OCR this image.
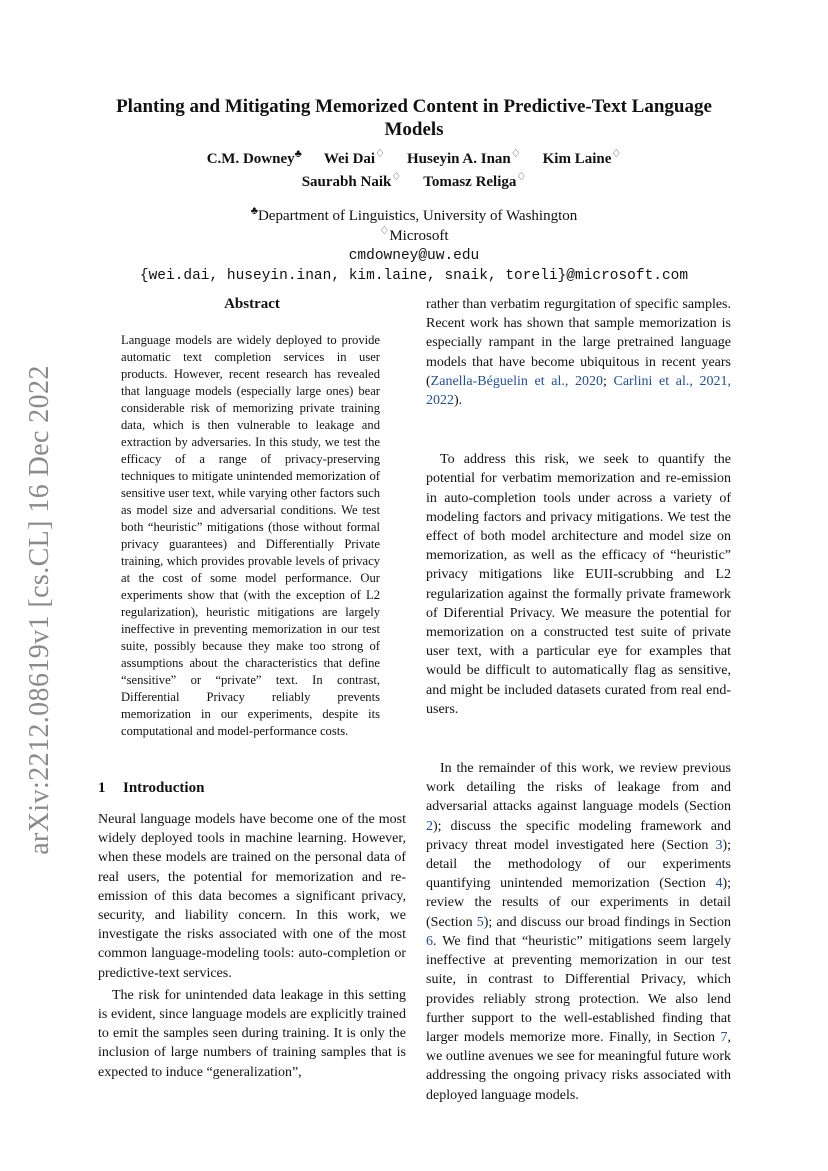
arXiv:2212.08619v1 [cs.CL] 16 Dec 2022
Planting and Mitigating Memorized Content in Predictive-Text Language Models
C.M. Downey♣ Wei Dai♢ Huseyin A. Inan♢ Kim Laine♢
Saurabh Naik♢ Tomasz Religa♢
♣Department of Linguistics, University of Washington
♢Microsoft
cmdowney@uw.edu
{wei.dai, huseyin.inan, kim.laine, snaik, toreli}@microsoft.com
Abstract
Language models are widely deployed to provide automatic text completion services in user products. However, recent research has revealed that language models (especially large ones) bear considerable risk of memorizing private training data, which is then vulnerable to leakage and extraction by adversaries. In this study, we test the efficacy of a range of privacy-preserving techniques to mitigate unintended memorization of sensitive user text, while varying other factors such as model size and adversarial conditions. We test both “heuristic” mitigations (those without formal privacy guarantees) and Differentially Private training, which provides provable levels of privacy at the cost of some model performance. Our experiments show that (with the exception of L2 regularization), heuristic mitigations are largely ineffective in preventing memorization in our test suite, possibly because they make too strong of assumptions about the characteristics that define “sensitive” or “private” text. In contrast, Differential Privacy reliably prevents memorization in our experiments, despite its computational and model-performance costs.
1 Introduction

Neural language models have become one of the most widely deployed tools in machine learning. However, when these models are trained on the personal data of real users, the potential for memorization and re-emission of this data becomes a significant privacy, security, and liability concern. In this work, we investigate the risks associated with one of the most common language-modeling tools: auto-completion or predictive-text services.

The risk for unintended data leakage in this setting is evident, since language models are explicitly trained to emit the samples seen during training. It is only the inclusion of large numbers of training samples that is expected to induce “generalization”,

rather than verbatim regurgitation of specific samples. Recent work has shown that sample memorization is especially rampant in the large pretrained language models that have become ubiquitous in recent years (Zanella-Béguelin et al., 2020; Carlini et al., 2021, 2022).

To address this risk, we seek to quantify the potential for verbatim memorization and re-emission in auto-completion tools under across a variety of modeling factors and privacy mitigations. We test the effect of both model architecture and model size on memorization, as well as the efficacy of “heuristic” privacy mitigations like EUII-scrubbing and L2 regularization against the formally private framework of Diferential Privacy. We measure the potential for memorization on a constructed test suite of private user text, with a particular eye for examples that would be difficult to automatically flag as sensitive, and might be included datasets curated from real end-users.

In the remainder of this work, we review previous work detailing the risks of leakage from and adversarial attacks against language models (Section 2); discuss the specific modeling framework and privacy threat model investigated here (Section 3); detail the methodology of our experiments quantifying unintended memorization (Section 4); review the results of our experiments in detail (Section 5); and discuss our broad findings in Section 6. We find that “heuristic” mitigations seem largely ineffective at preventing memorization in our test suite, in contrast to Differential Privacy, which provides reliably strong protection. We also lend further support to the well-established finding that larger models memorize more. Finally, in Section 7, we outline avenues we see for meaningful future work addressing the ongoing privacy risks associated with deployed language models.
